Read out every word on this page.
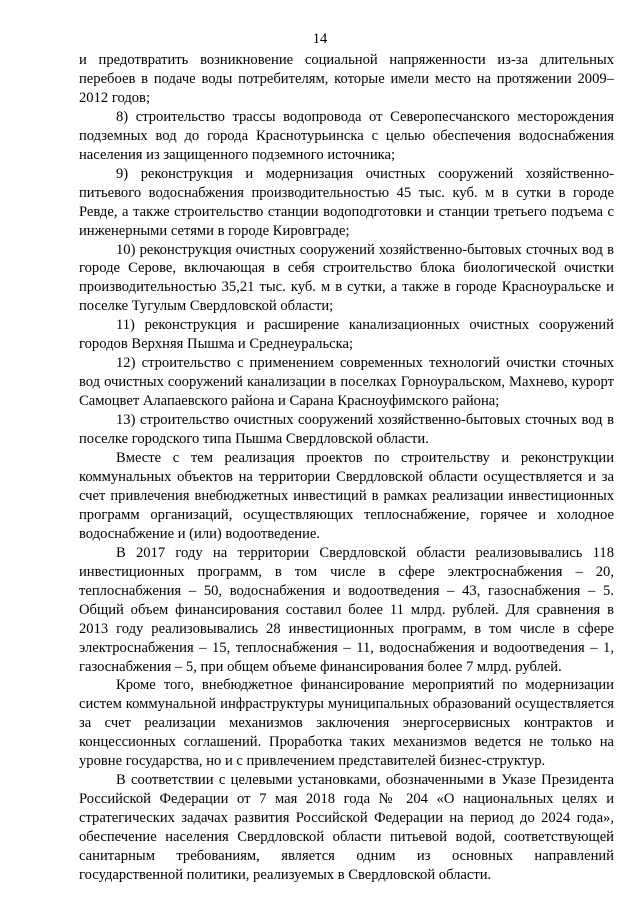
14

и предотвратить возникновение социальной напряженности из-за длительных перебоев в подаче воды потребителям, которые имели место на протяжении 2009–2012 годов;

8) строительство трассы водопровода от Северопесчанского месторождения подземных вод до города Краснотурьинска с целью обеспечения водоснабжения населения из защищенного подземного источника;

9) реконструкция и модернизация очистных сооружений хозяйственно-питьевого водоснабжения производительностью 45 тыс. куб. м в сутки в городе Ревде, а также строительство станции водоподготовки и станции третьего подъема с инженерными сетями в городе Кировграде;

10) реконструкция очистных сооружений хозяйственно-бытовых сточных вод в городе Серове, включающая в себя строительство блока биологической очистки производительностью 35,21 тыс. куб. м в сутки, а также в городе Красноуральске и поселке Тугулым Свердловской области;

11) реконструкция и расширение канализационных очистных сооружений городов Верхняя Пышма и Среднеуральска;

12) строительство с применением современных технологий очистки сточных вод очистных сооружений канализации в поселках Горноуральском, Махнево, курорт Самоцвет Алапаевского района и Сарана Красноуфимского района;

13) строительство очистных сооружений хозяйственно-бытовых сточных вод в поселке городского типа Пышма Свердловской области.

Вместе с тем реализация проектов по строительству и реконструкции коммунальных объектов на территории Свердловской области осуществляется и за счет привлечения внебюджетных инвестиций в рамках реализации инвестиционных программ организаций, осуществляющих теплоснабжение, горячее и холодное водоснабжение и (или) водоотведение.

В 2017 году на территории Свердловской области реализовывались 118 инвестиционных программ, в том числе в сфере электроснабжения – 20, теплоснабжения – 50, водоснабжения и водоотведения – 43, газоснабжения – 5. Общий объем финансирования составил более 11 млрд. рублей. Для сравнения в 2013 году реализовывались 28 инвестиционных программ, в том числе в сфере электроснабжения – 15, теплоснабжения – 11, водоснабжения и водоотведения – 1, газоснабжения – 5, при общем объеме финансирования более 7 млрд. рублей.

Кроме того, внебюджетное финансирование мероприятий по модернизации систем коммунальной инфраструктуры муниципальных образований осуществляется за счет реализации механизмов заключения энергосервисных контрактов и концессионных соглашений. Проработка таких механизмов ведется не только на уровне государства, но и с привлечением представителей бизнес-структур.

В соответствии с целевыми установками, обозначенными в Указе Президента Российской Федерации от 7 мая 2018 года № 204 «О национальных целях и стратегических задачах развития Российской Федерации на период до 2024 года», обеспечение населения Свердловской области питьевой водой, соответствующей санитарным требованиям, является одним из основных направлений государственной политики, реализуемых в Свердловской области.
